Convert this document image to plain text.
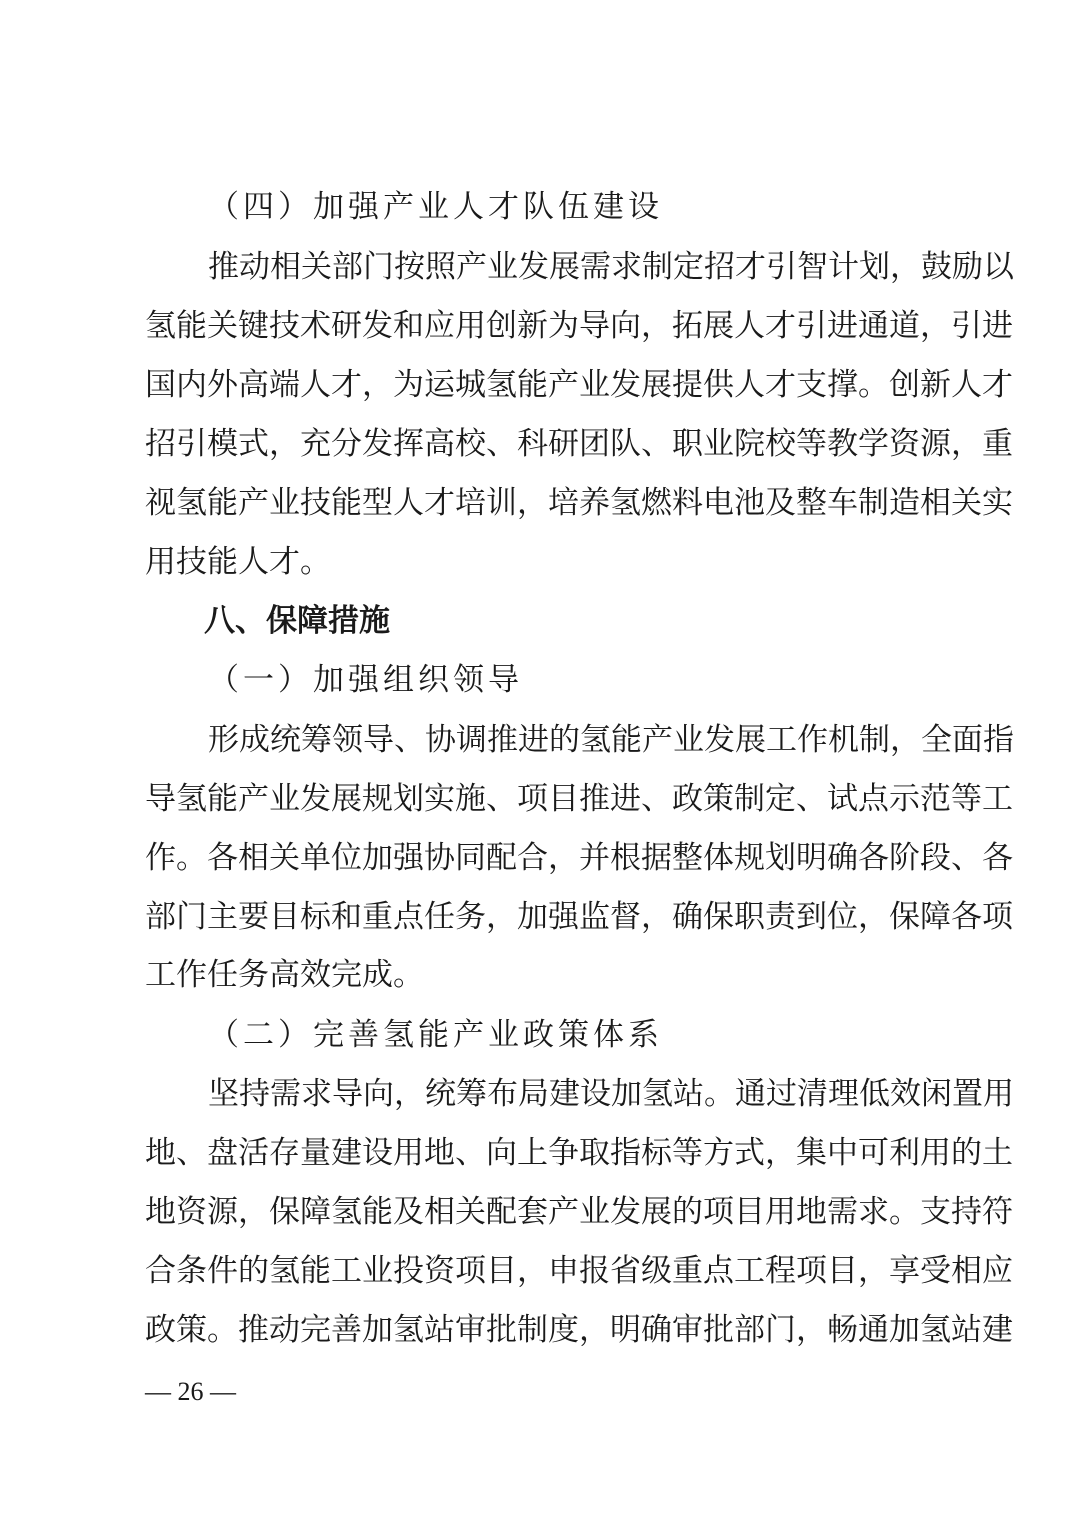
（四）加强产业人才队伍建设
推动相关部门按照产业发展需求制定招才引智计划，鼓励以
氢能关键技术研发和应用创新为导向，拓展人才引进通道，引进
国内外高端人才，为运城氢能产业发展提供人才支撑。创新人才
招引模式，充分发挥高校、科研团队、职业院校等教学资源，重
视氢能产业技能型人才培训，培养氢燃料电池及整车制造相关实
用技能人才。
八、保障措施
（一）加强组织领导
形成统筹领导、协调推进的氢能产业发展工作机制，全面指
导氢能产业发展规划实施、项目推进、政策制定、试点示范等工
作。各相关单位加强协同配合，并根据整体规划明确各阶段、各
部门主要目标和重点任务，加强监督，确保职责到位，保障各项
工作任务高效完成。
（二）完善氢能产业政策体系
坚持需求导向，统筹布局建设加氢站。通过清理低效闲置用
地、盘活存量建设用地、向上争取指标等方式，集中可利用的土
地资源，保障氢能及相关配套产业发展的项目用地需求。支持符
合条件的氢能工业投资项目，申报省级重点工程项目，享受相应
政策。推动完善加氢站审批制度，明确审批部门，畅通加氢站建
— 26 —
